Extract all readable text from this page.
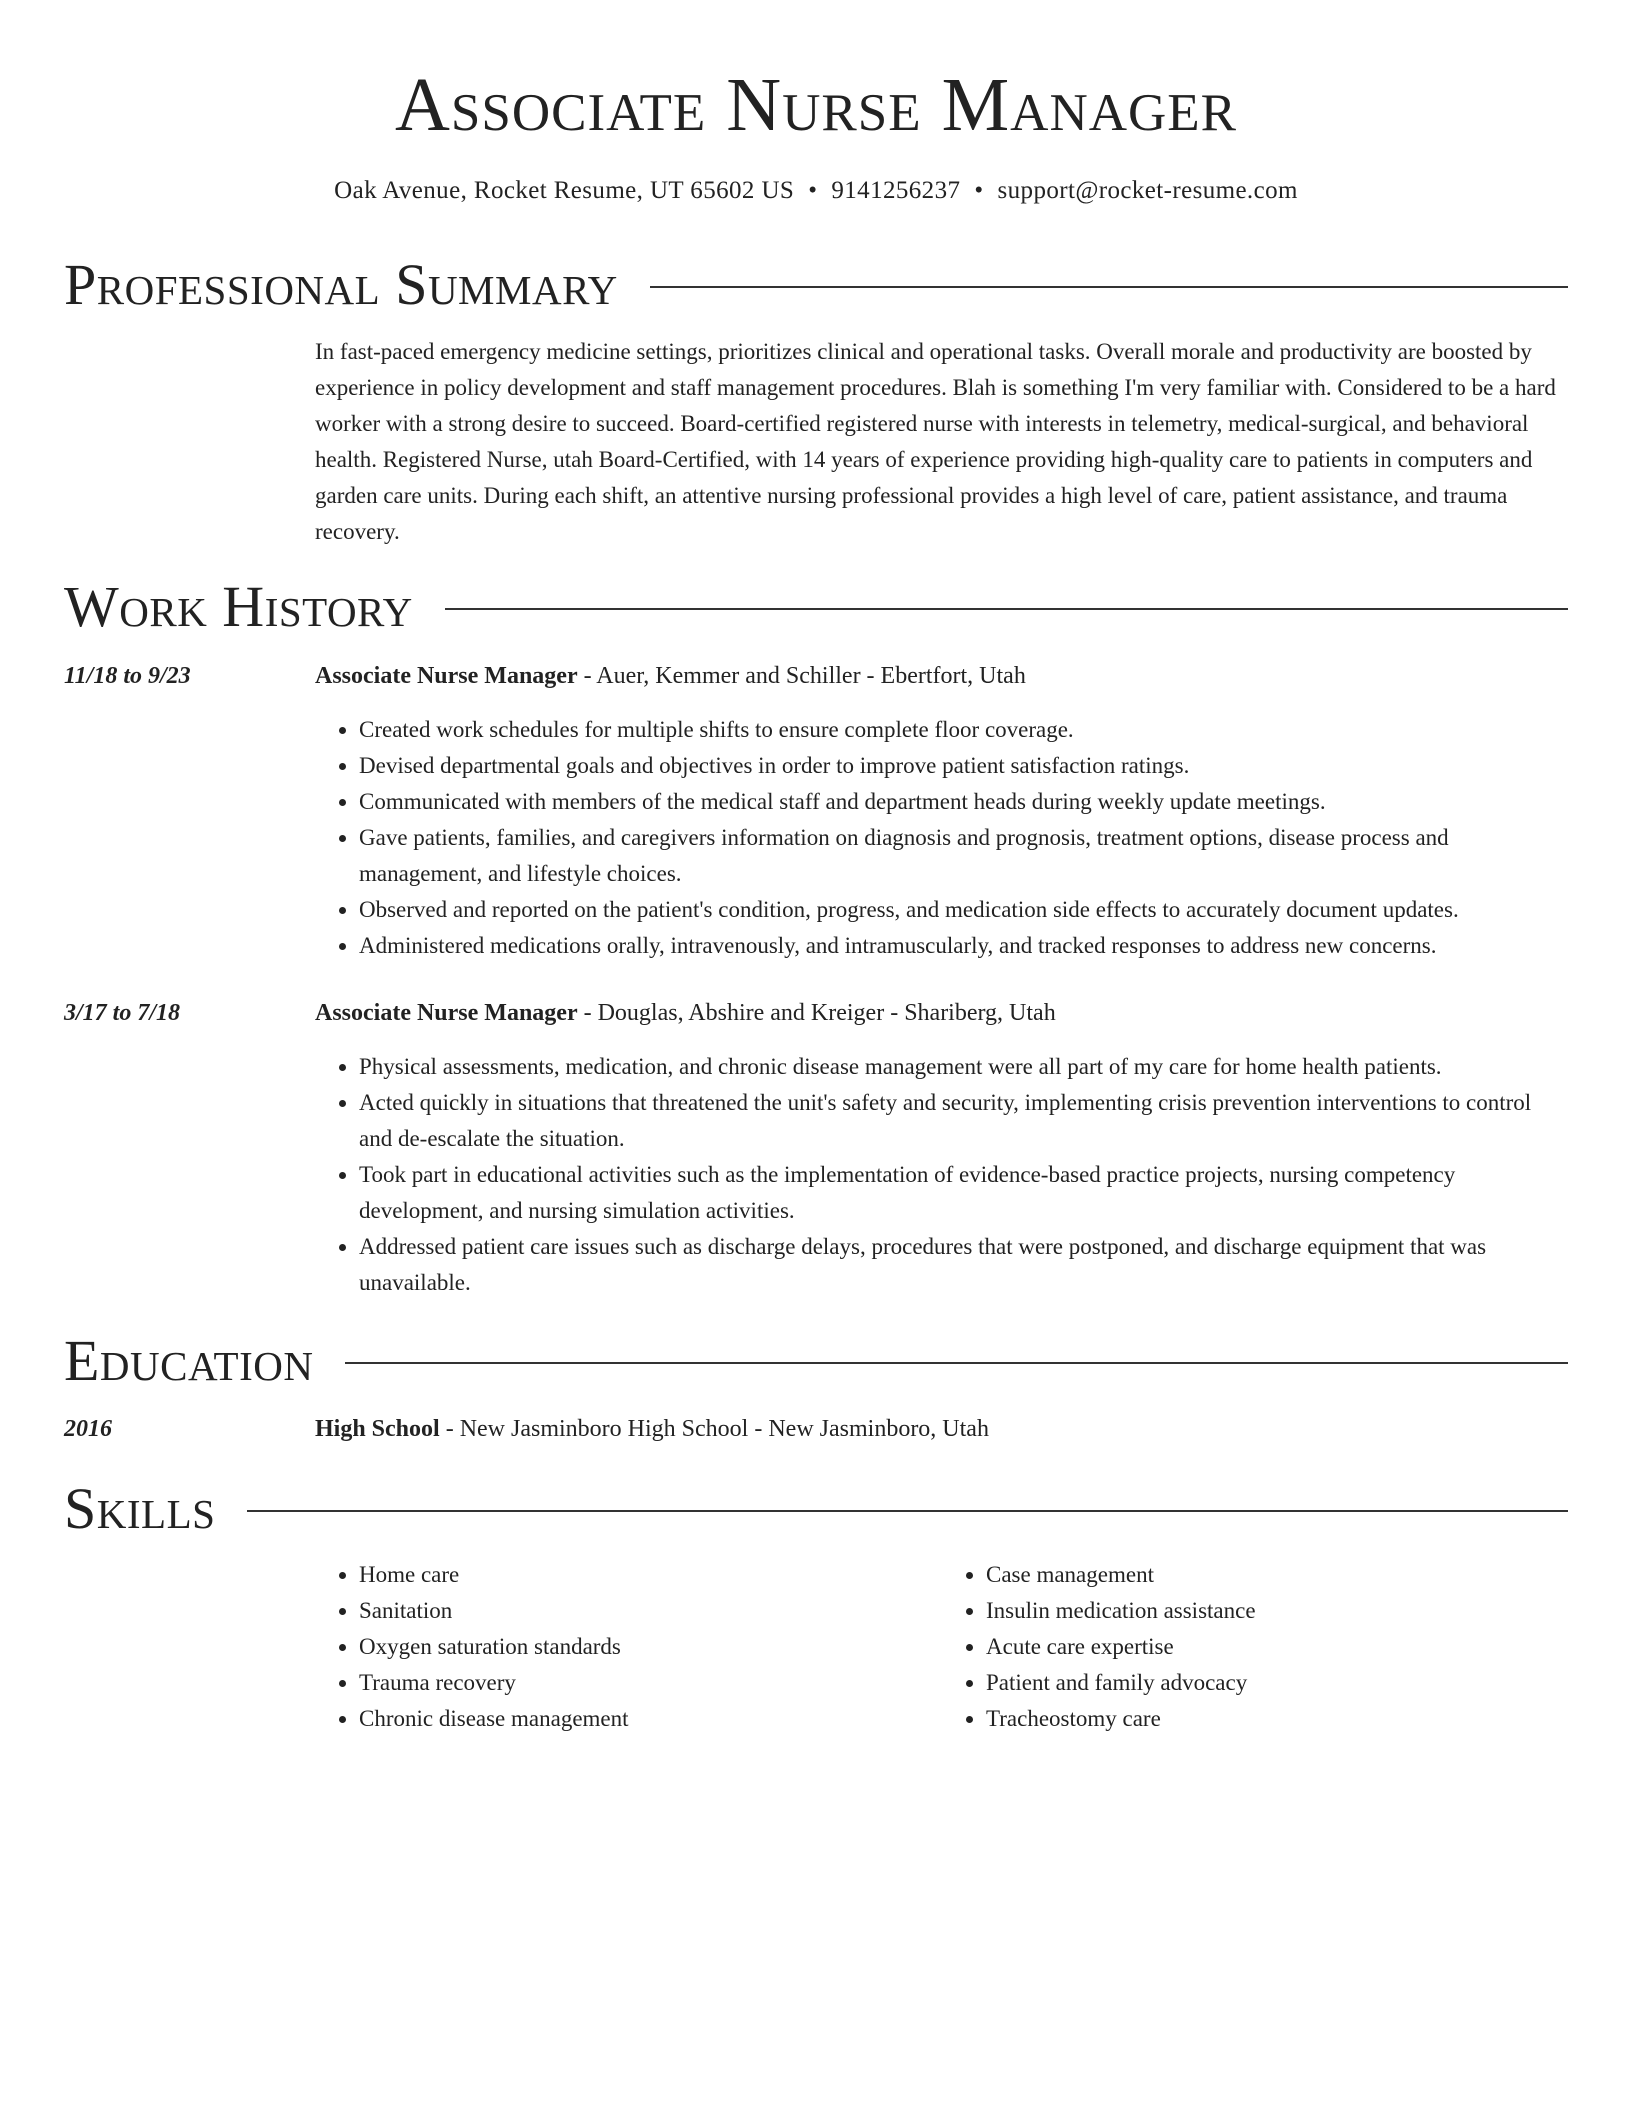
Associate Nurse Manager
Oak Avenue, Rocket Resume, UT 65602 US • 9141256237 • support@rocket-resume.com
Professional Summary

In fast-paced emergency medicine settings, prioritizes clinical and operational tasks. Overall morale and productivity are boosted by experience in policy development and staff management procedures. Blah is something I'm very familiar with. Considered to be a hard worker with a strong desire to succeed. Board-certified registered nurse with interests in telemetry, medical-surgical, and behavioral health. Registered Nurse, utah Board-Certified, with 14 years of experience providing high-quality care to patients in computers and garden care units. During each shift, an attentive nursing professional provides a high level of care, patient assistance, and trauma recovery.

Work History
11/18 to 9/23	Associate Nurse Manager - Auer, Kemmer and Schiller - Ebertfort, Utah

• Created work schedules for multiple shifts to ensure complete floor coverage.
• Devised departmental goals and objectives in order to improve patient satisfaction ratings.
• Communicated with members of the medical staff and department heads during weekly update meetings.
• Gave patients, families, and caregivers information on diagnosis and prognosis, treatment options, disease process and management, and lifestyle choices.
• Observed and reported on the patient's condition, progress, and medication side effects to accurately document updates.
• Administered medications orally, intravenously, and intramuscularly, and tracked responses to address new concerns.
3/17 to 7/18	Associate Nurse Manager - Douglas, Abshire and Kreiger - Shariberg, Utah

• Physical assessments, medication, and chronic disease management were all part of my care for home health patients.
• Acted quickly in situations that threatened the unit's safety and security, implementing crisis prevention interventions to control and de-escalate the situation.
• Took part in educational activities such as the implementation of evidence-based practice projects, nursing competency development, and nursing simulation activities.
• Addressed patient care issues such as discharge delays, procedures that were postponed, and discharge equipment that was unavailable.
Education
2016	High School - New Jasminboro High School - New Jasminboro, Utah

Skills
• Home care
• Sanitation
• Oxygen saturation standards
• Trauma recovery
• Chronic disease management
• Case management
• Insulin medication assistance
• Acute care expertise
• Patient and family advocacy
• Tracheostomy care
